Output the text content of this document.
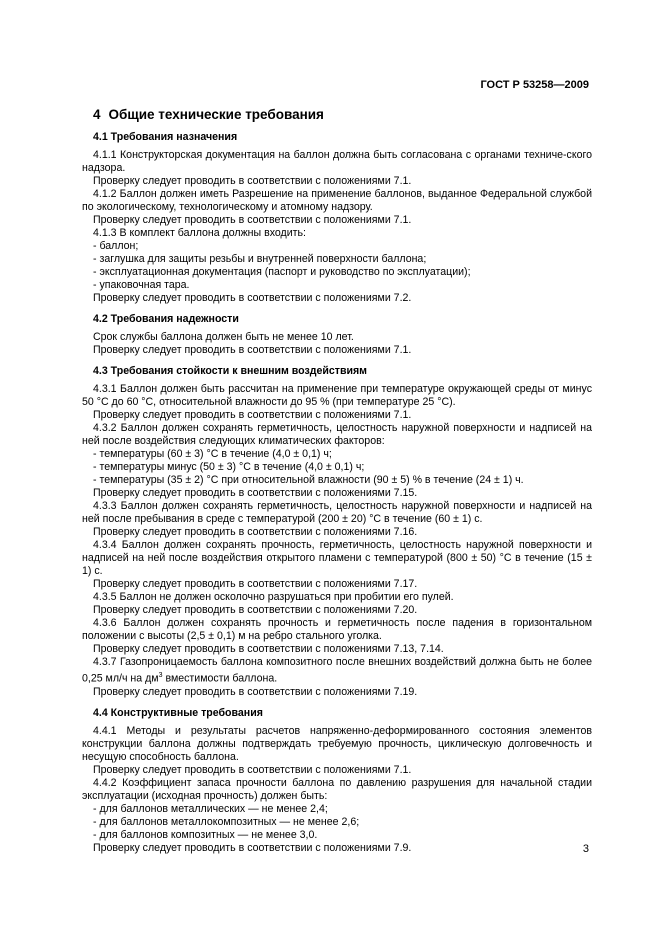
ГОСТ Р 53258—2009
4 Общие технические требования
4.1 Требования назначения

4.1.1 Конструкторская документация на баллон должна быть согласована с органами техниче-ского надзора.

Проверку следует проводить в соответствии с положениями 7.1.

4.1.2 Баллон должен иметь Разрешение на применение баллонов, выданное Федеральной службой по экологическому, технологическому и атомному надзору.

Проверку следует проводить в соответствии с положениями 7.1.

4.1.3 В комплект баллона должны входить:

- баллон;

- заглушка для защиты резьбы и внутренней поверхности баллона;

- эксплуатационная документация (паспорт и руководство по эксплуатации);

- упаковочная тара.

Проверку следует проводить в соответствии с положениями 7.2.

4.2 Требования надежности

Срок службы баллона должен быть не менее 10 лет.

Проверку следует проводить в соответствии с положениями 7.1.

4.3 Требования стойкости к внешним воздействиям

4.3.1 Баллон должен быть рассчитан на применение при температуре окружающей среды от минус 50 °С до 60 °С, относительной влажности до 95 % (при температуре 25 °С).

Проверку следует проводить в соответствии с положениями 7.1.

4.3.2 Баллон должен сохранять герметичность, целостность наружной поверхности и надписей на ней после воздействия следующих климатических факторов:

- температуры (60 ± 3) °С в течение (4,0 ± 0,1) ч;

- температуры минус (50 ± 3) °С в течение (4,0 ± 0,1) ч;

- температуры (35 ± 2) °С при относительной влажности (90 ± 5) % в течение (24 ± 1) ч.

Проверку следует проводить в соответствии с положениями 7.15.

4.3.3 Баллон должен сохранять герметичность, целостность наружной поверхности и надписей на ней после пребывания в среде с температурой (200 ± 20) °С в течение (60 ± 1) с.

Проверку следует проводить в соответствии с положениями 7.16.

4.3.4 Баллон должен сохранять прочность, герметичность, целостность наружной поверхности и надписей на ней после воздействия открытого пламени с температурой (800 ± 50) °С в течение (15 ± 1) с.

Проверку следует проводить в соответствии с положениями 7.17.

4.3.5 Баллон не должен осколочно разрушаться при пробитии его пулей.

Проверку следует проводить в соответствии с положениями 7.20.

4.3.6 Баллон должен сохранять прочность и герметичность после падения в горизонтальном положении с высоты (2,5 ± 0,1) м на ребро стального уголка.

Проверку следует проводить в соответствии с положениями 7.13, 7.14.

4.3.7 Газопроницаемость баллона композитного после внешних воздействий должна быть не более 0,25 мл/ч на $дм^3$ вместимости баллона.

Проверку следует проводить в соответствии с положениями 7.19.

4.4 Конструктивные требования

4.4.1 Методы и результаты расчетов напряженно-деформированного состояния элементов конструкции баллона должны подтверждать требуемую прочность, циклическую долговечность и несущую способность баллона.

Проверку следует проводить в соответствии с положениями 7.1.

4.4.2 Коэффициент запаса прочности баллона по давлению разрушения для начальной стадии эксплуатации (исходная прочность) должен быть:

- для баллонов металлических — не менее 2,4;

- для баллонов металлокомпозитных — не менее 2,6;

- для баллонов композитных — не менее 3,0.

Проверку следует проводить в соответствии с положениями 7.9.	3
